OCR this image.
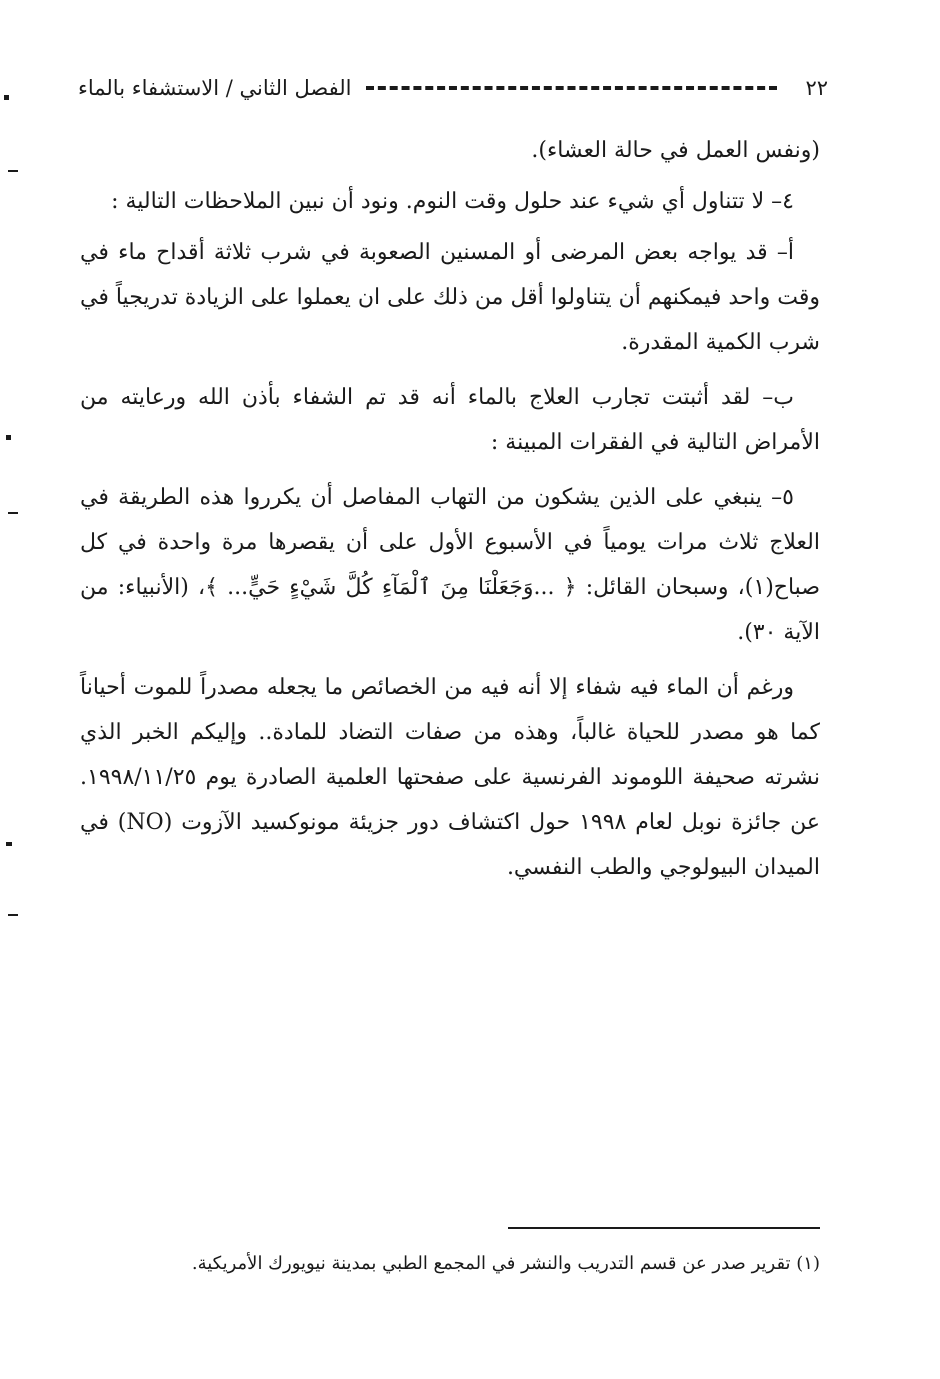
٢٢
الفصل الثاني / الاستشفاء بالماء

(ونفس العمل في حالة العشاء).

٤– لا تتناول أي شيء عند حلول وقت النوم. ونود أن نبين الملاحظات التالية :

أ– قد يواجه بعض المرضى أو المسنين الصعوبة في شرب ثلاثة أقداح ماء في وقت واحد فيمكنهم أن يتناولوا أقل من ذلك على ان يعملوا على الزيادة تدريجياً في شرب الكمية المقدرة.

ب– لقد أثبتت تجارب العلاج بالماء أنه قد تم الشفاء بأذن الله ورعايته من الأمراض التالية في الفقرات المبينة :

٥– ينبغي على الذين يشكون من التهاب المفاصل أن يكرروا هذه الطريقة في العلاج ثلاث مرات يومياً في الأسبوع الأول على أن يقصرها مرة واحدة في كل صباح(١)، وسبحان القائل: ﴿ ...وَجَعَلْنَا مِنَ ٱلْمَآءِ كُلَّ شَيْءٍ حَيٍّ... ﴾، (الأنبياء: من الآية ٣٠).

ورغم أن الماء فيه شفاء إلا أنه فيه من الخصائص ما يجعله مصدراً للموت أحياناً كما هو مصدر للحياة غالباً، وهذه من صفات التضاد للمادة.. وإليكم الخبر الذي نشرته صحيفة اللوموند الفرنسية على صفحتها العلمية الصادرة يوم ١٩٩٨/١١/٢٥. عن جائزة نوبل لعام ١٩٩٨ حول اكتشاف دور جزيئة مونوكسيد الآزوت (NO) في الميدان البيولوجي والطب النفسي.

(١) تقرير صدر عن قسم التدريب والنشر في المجمع الطبي بمدينة نيويورك الأمريكية.
